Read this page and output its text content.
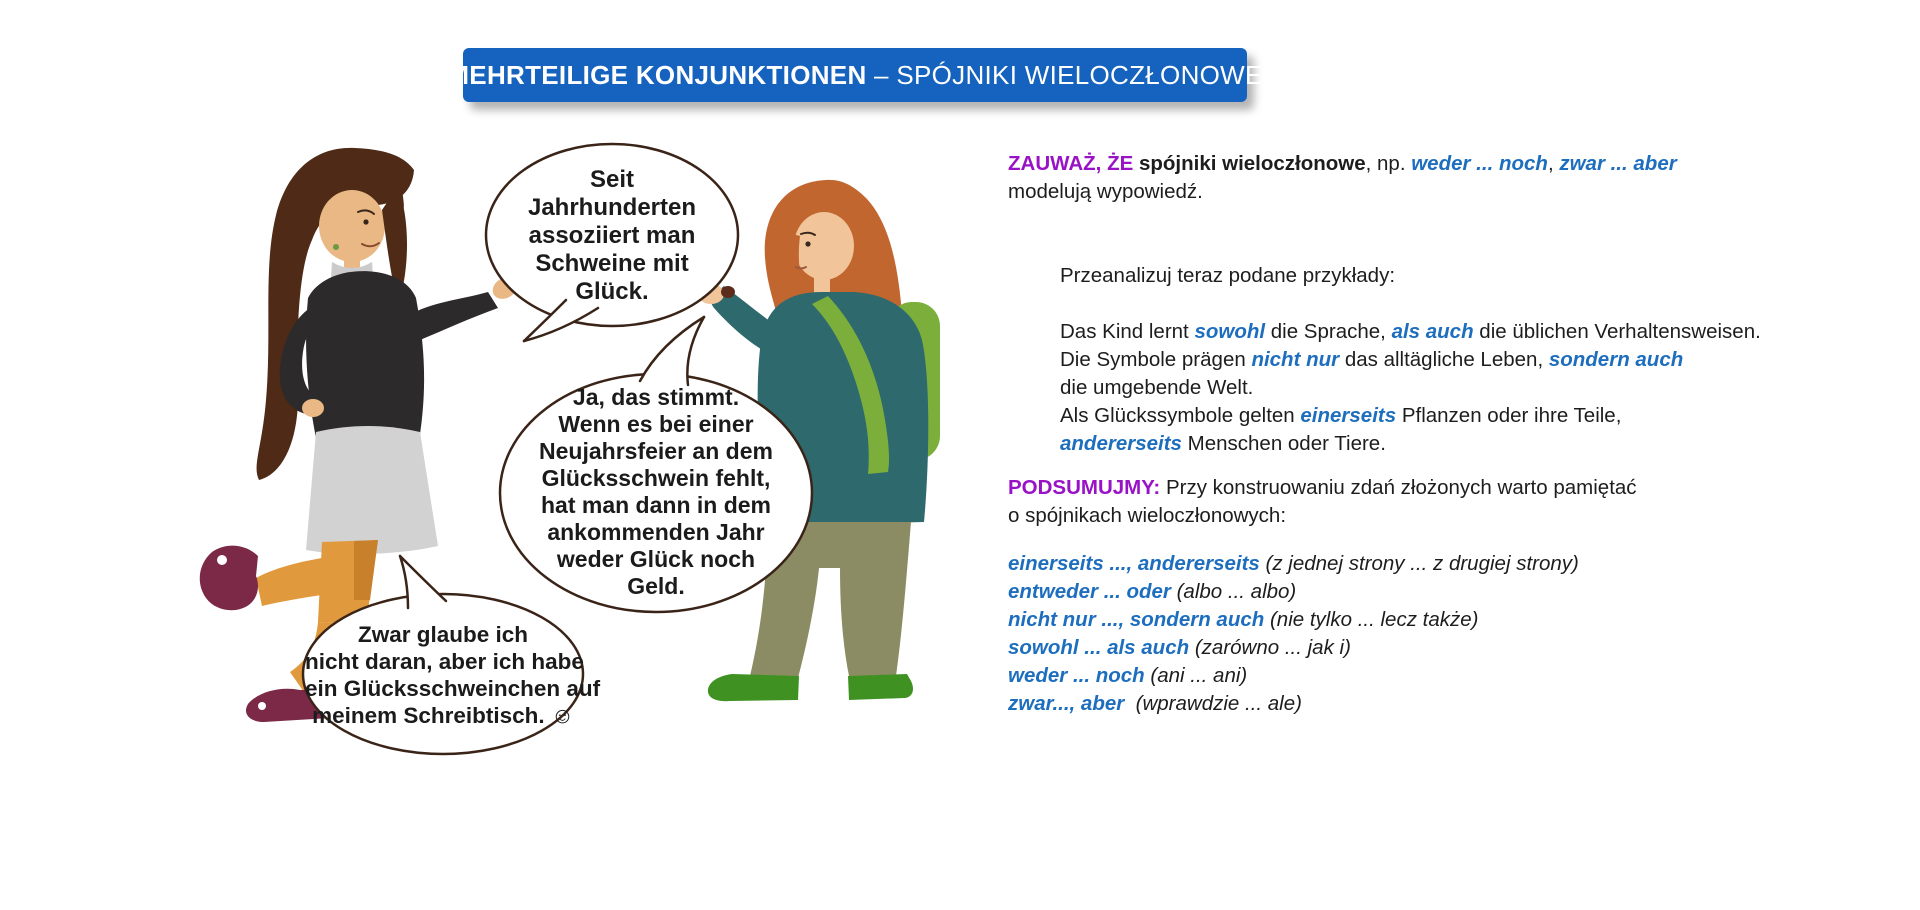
MEHRTEILIGE KONJUNKTIONEN – SPÓJNIKI WIELOCZŁONOWE
Seit
Jahrhunderten
assoziiert man
Schweine mit
Glück.
Ja, das stimmt.
Wenn es bei einer
Neujahrsfeier an dem
Glücksschwein fehlt,
hat man dann in dem
ankommenden Jahr
weder Glück noch
Geld.
Zwar glaube ich
nicht daran, aber ich habe
ein Glücksschweinchen auf
meinem Schreibtisch. ☺
ZAUWAŻ, ŻE spójniki wieloczłonowe, np. weder ... noch, zwar ... aber
modelują wypowiedź.
Przeanalizuj teraz podane przykłady:
Das Kind lernt sowohl die Sprache, als auch die üblichen Verhaltensweisen.
Die Symbole prägen nicht nur das alltägliche Leben, sondern auch
die umgebende Welt.
Als Glückssymbole gelten einerseits Pflanzen oder ihre Teile,
andererseits Menschen oder Tiere.
PODSUMUJMY: Przy konstruowaniu zdań złożonych warto pamiętać
o spójnikach wieloczłonowych:
einerseits ..., andererseits (z jednej strony ... z drugiej strony)
entweder ... oder (albo ... albo)
nicht nur ..., sondern auch (nie tylko ... lecz także)
sowohl ... als auch (zarówno ... jak i)
weder ... noch (ani ... ani)
zwar..., aber  (wprawdzie ... ale)
